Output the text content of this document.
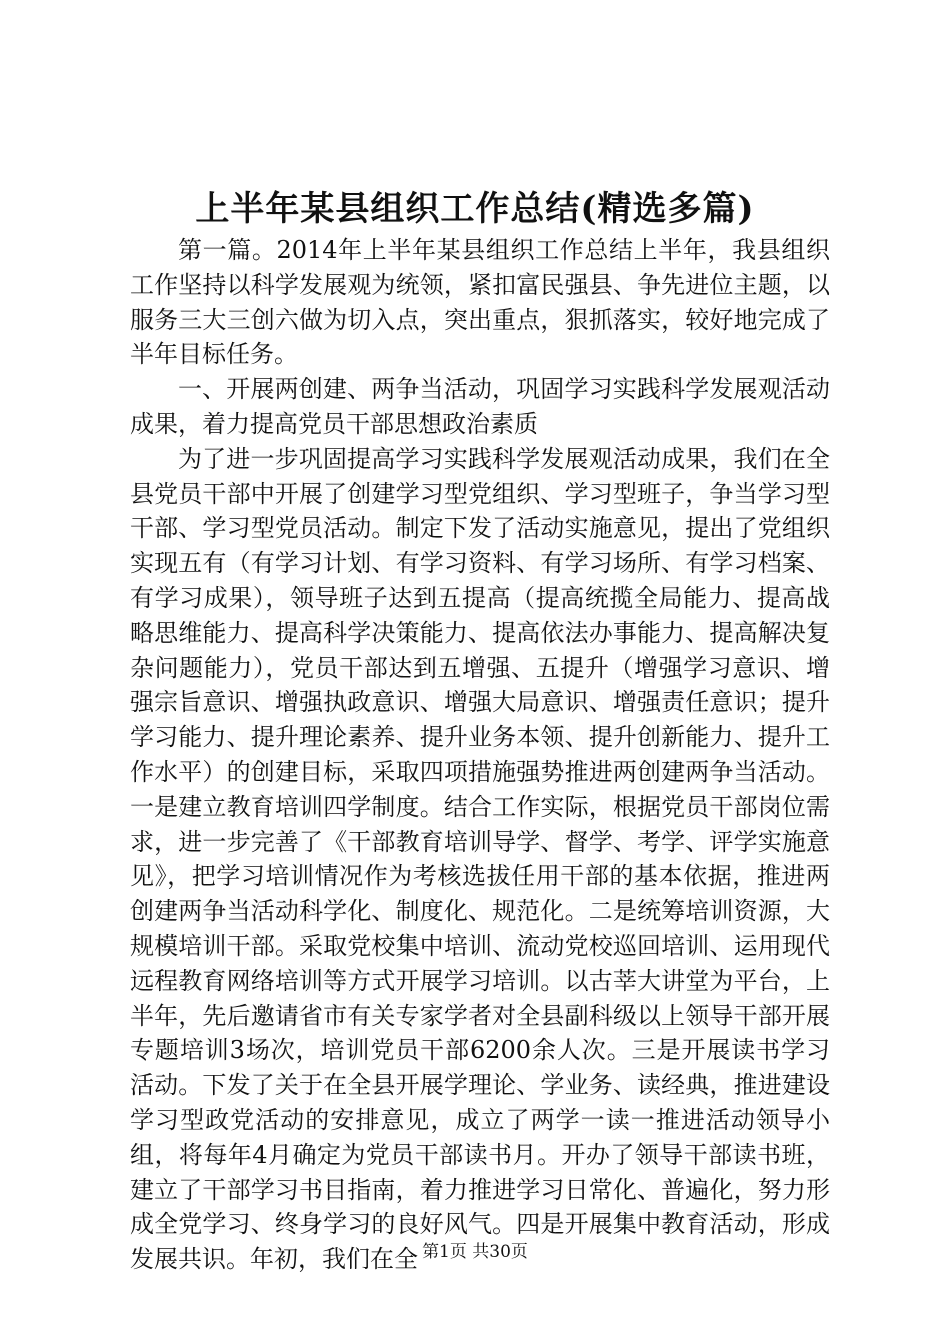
上半年某县组织工作总结(精选多篇)

第一篇。2014年上半年某县组织工作总结上半年，我县组织工作坚持以科学发展观为统领，紧扣富民强县、争先进位主题，以服务三大三创六做为切入点，突出重点，狠抓落实，较好地完成了半年目标任务。

一、开展两创建、两争当活动，巩固学习实践科学发展观活动成果，着力提高党员干部思想政治素质

为了进一步巩固提高学习实践科学发展观活动成果，我们在全县党员干部中开展了创建学习型党组织、学习型班子，争当学习型干部、学习型党员活动。制定下发了活动实施意见，提出了党组织实现五有（有学习计划、有学习资料、有学习场所、有学习档案、有学习成果），领导班子达到五提高（提高统揽全局能力、提高战略思维能力、提高科学决策能力、提高依法办事能力、提高解决复杂问题能力），党员干部达到五增强、五提升（增强学习意识、增强宗旨意识、增强执政意识、增强大局意识、增强责任意识；提升学习能力、提升理论素养、提升业务本领、提升创新能力、提升工作水平）的创建目标，采取四项措施强势推进两创建两争当活动。一是建立教育培训四学制度。结合工作实际，根据党员干部岗位需求，进一步完善了《干部教育培训导学、督学、考学、评学实施意见》，把学习培训情况作为考核选拔任用干部的基本依据，推进两创建两争当活动科学化、制度化、规范化。二是统筹培训资源，大规模培训干部。采取党校集中培训、流动党校巡回培训、运用现代远程教育网络培训等方式开展学习培训。以古莘大讲堂为平台，上半年，先后邀请省市有关专家学者对全县副科级以上领导干部开展专题培训3场次，培训党员干部6200余人次。三是开展读书学习活动。下发了关于在全县开展学理论、学业务、读经典，推进建设学习型政党活动的安排意见，成立了两学一读一推进活动领导小组，将每年4月确定为党员干部读书月。开办了领导干部读书班，建立了干部学习书目指南，着力推进学习日常化、普遍化，努力形成全党学习、终身学习的良好风气。四是开展集中教育活动，形成发展共识。年初，我们在全 第1页 共30页
